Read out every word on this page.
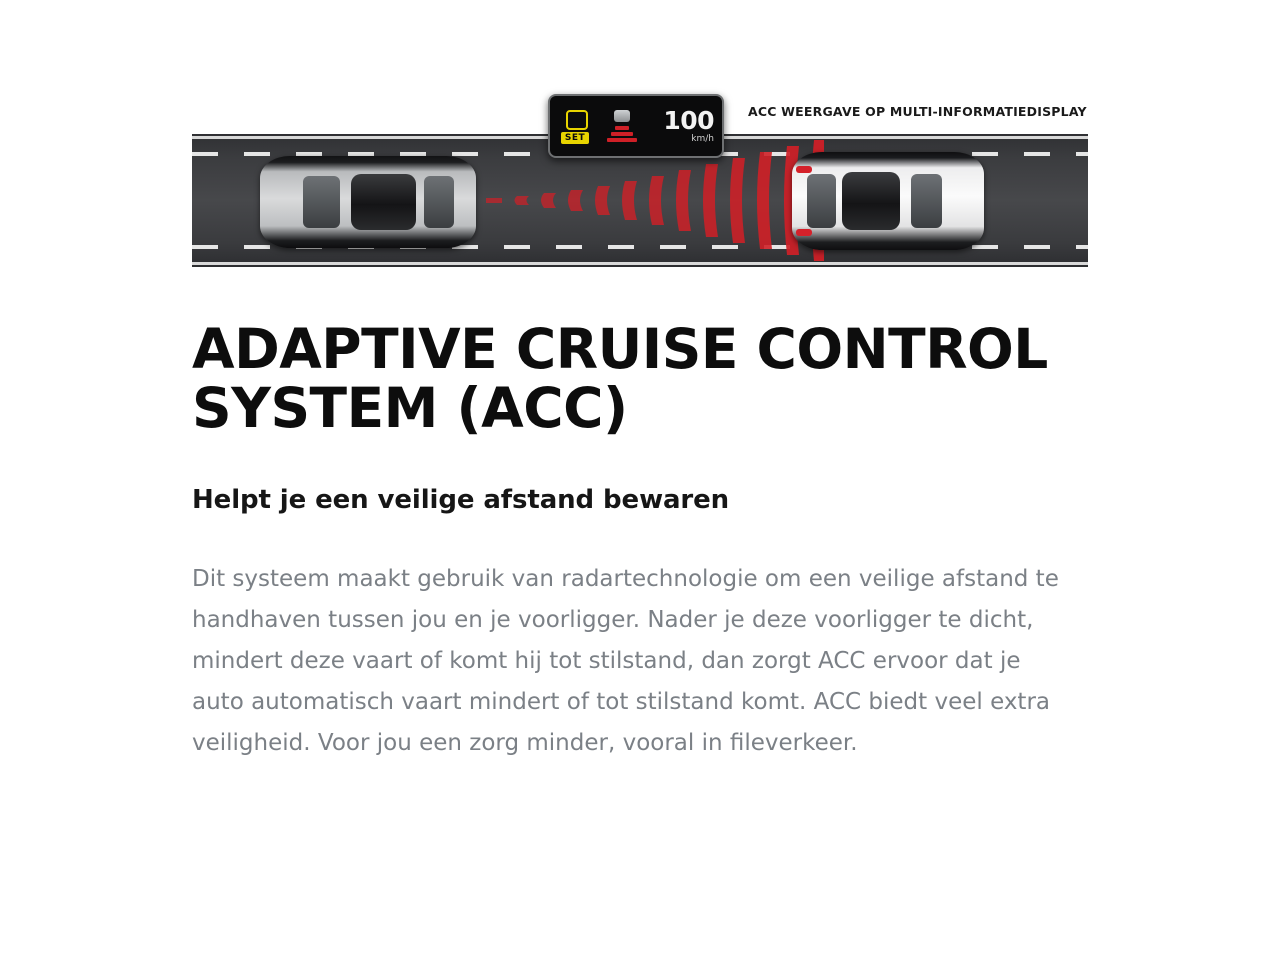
SET
100
km/h
ACC WEERGAVE OP MULTI-INFORMATIEDISPLAY
ADAPTIVE CRUISE CONTROL SYSTEM (ACC)
Helpt je een veilige afstand bewaren

Dit systeem maakt gebruik van radartechnologie om een veilige afstand te handhaven tussen jou en je voorligger. Nader je deze voorligger te dicht, mindert deze vaart of komt hij tot stilstand, dan zorgt ACC ervoor dat je auto automatisch vaart mindert of tot stilstand komt. ACC biedt veel extra veiligheid. Voor jou een zorg minder, vooral in fileverkeer.
